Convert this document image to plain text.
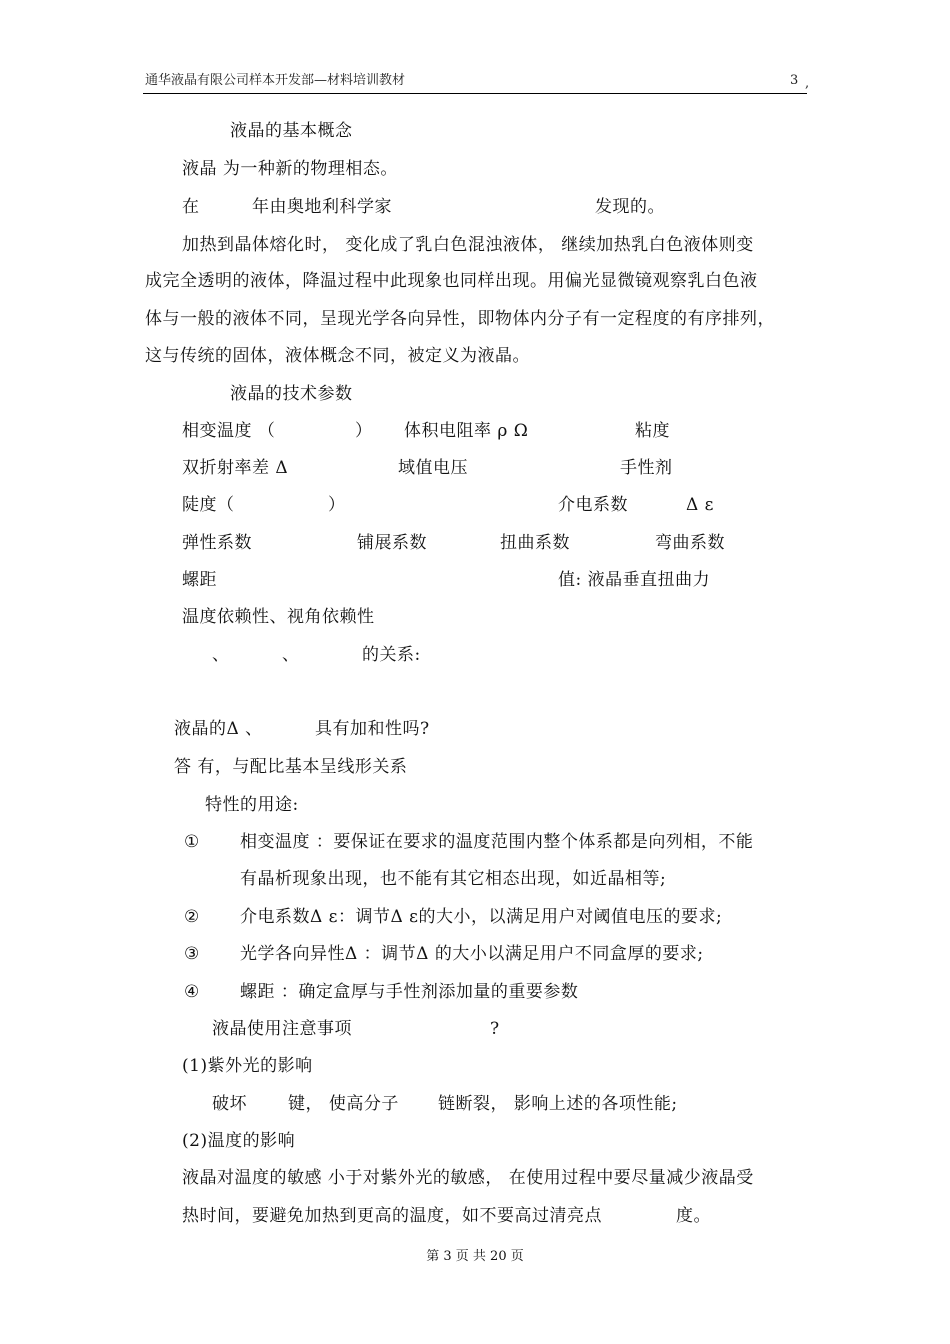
通华液晶有限公司样本开发部—材料培训教材	3 ,
液晶的基本概念
液晶 为一种新的物理相态。
在	年由奥地利科学家	发现的。
加热到晶体熔化时， 变化成了乳白色混浊液体， 继续加热乳白色液体则变
成完全透明的液体，降温过程中此现象也同样出现。用偏光显微镜观察乳白色液
体与一般的液体不同，呈现光学各向异性，即物体内分子有一定程度的有序排列，
这与传统的固体，液体概念不同，被定义为液晶。
液晶的技术参数
相变温度 （	） 体积电阻率 ρ Ω	粘度
双折射率差 Δ	域值电压	手性剂
陡度（	）	介电系数	Δ ε
弹性系数	铺展系数	扭曲系数	弯曲系数
螺距	值: 液晶垂直扭曲力
温度依赖性、视角依赖性
、	、	的关系:
液晶的Δ 、	具有加和性吗?
答 有，与配比基本呈线形关系
特性的用途:
① 相变温度 ：要保证在要求的温度范围内整个体系都是向列相，不能
有晶析现象出现，也不能有其它相态出现，如近晶相等;
② 介电系数Δ ε：调节Δ ε的大小，以满足用户对阈值电压的要求;
③ 光学各向异性Δ ：调节Δ 的大小以满足用户不同盒厚的要求;
④ 螺距 ：确定盒厚与手性剂添加量的重要参数
液晶使用注意事项	?
(1)紫外光的影响
破坏 键， 使高分子 链断裂， 影响上述的各项性能;
(2)温度的影响
液晶对温度的敏感 小于对紫外光的敏感， 在使用过程中要尽量减少液晶受
热时间，要避免加热到更高的温度，如不要高过清亮点	度。
第 3 页 共 20 页
